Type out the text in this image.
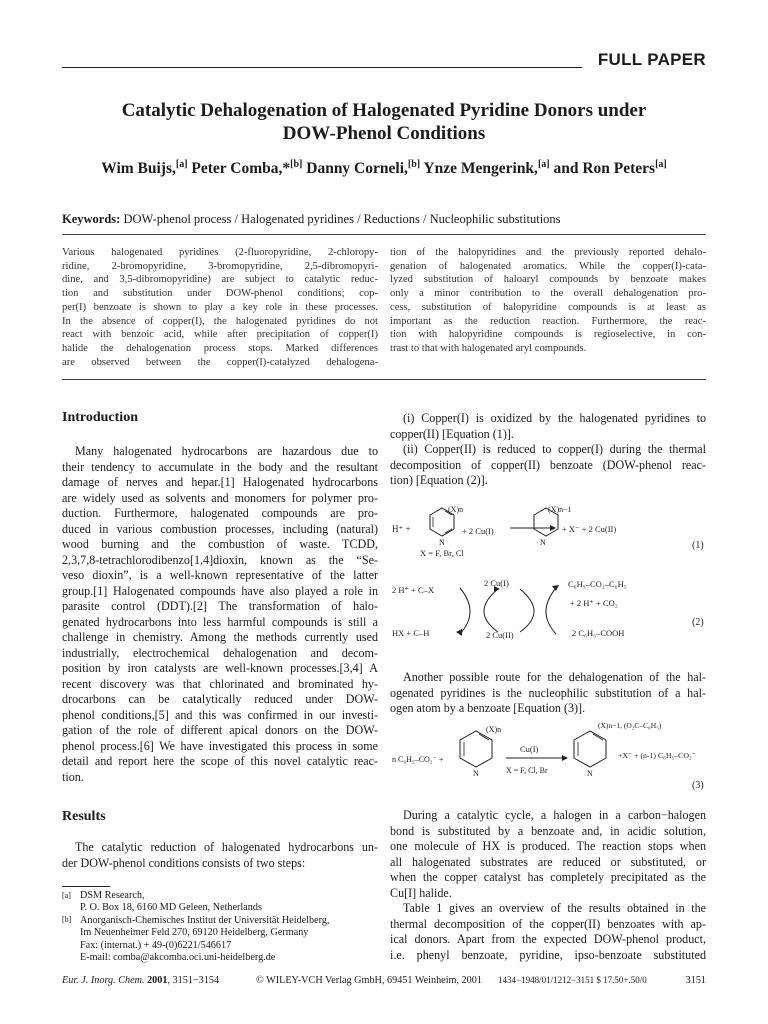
FULL PAPER
Catalytic Dehalogenation of Halogenated Pyridine Donors under
DOW-Phenol Conditions
Wim Buijs,[a] Peter Comba,*[b] Danny Corneli,[b] Ynze Mengerink,[a] and Ron Peters[a]
Keywords: DOW-phenol process / Halogenated pyridines / Reductions / Nucleophilic substitutions
Various halogenated pyridines (2-fluoropyridine, 2-chloropy-
ridine, 2-bromopyridine, 3-bromopyridine, 2,5-dibromopyri-
dine, and 3,5-dibromopyridine) are subject to catalytic reduc-
tion and substitution under DOW-phenol conditions; cop-
per(I) benzoate is shown to play a key role in these processes.
In the absence of copper(I), the halogenated pyridines do not
react with benzoic acid, while after precipitation of copper(I)
halide the dehalogenation process stops. Marked differences
are observed between the copper(I)-catalyzed dehalogena-
tion of the halopyridines and the previously reported dehalo-
genation of halogenated aromatics. While the copper(I)-cata-
lyzed substitution of haloaryl compounds by benzoate makes
only a minor contribution to the overall dehalogenation pro-
cess, substitution of halopyridine compounds is at least as
important as the reduction reaction. Furthermore, the reac-
tion with halopyridine compounds is regioselective, in con-
trast to that with halogenated aryl compounds.
Introduction
Many halogenated hydrocarbons are hazardous due to
their tendency to accumulate in the body and the resultant
damage of nerves and hepar.[1] Halogenated hydrocarbons
are widely used as solvents and monomers for polymer pro-
duction. Furthermore, halogenated compounds are pro-
duced in various combustion processes, including (natural)
wood burning and the combustion of waste. TCDD,
2,3,7,8-tetrachlorodibenzo[1,4]dioxin, known as the “Se-
veso dioxin”, is a well-known representative of the latter
group.[1] Halogenated compounds have also played a role in
parasite control (DDT).[2] The transformation of halo-
genated hydrocarbons into less harmful compounds is still a
challenge in chemistry. Among the methods currently used
industrially, electrochemical dehalogenation and decom-
position by iron catalysts are well-known processes.[3,4] A
recent discovery was that chlorinated and brominated hy-
drocarbons can be catalytically reduced under DOW-
phenol conditions,[5] and this was confirmed in our investi-
gation of the role of different apical donors on the DOW-
phenol process.[6] We have investigated this process in some
detail and report here the scope of this novel catalytic reac-
tion.
Results
The catalytic reduction of halogenated hydrocarbons un-
der DOW-phenol conditions consists of two steps:
[a] DSM Research,
P. O. Box 18, 6160 MD Geleen, Netherlands
[b] Anorganisch-Chemisches Institut der Universität Heidelberg,
Im Neuenheimer Feld 270, 69120 Heidelberg, Germany
Fax: (internat.) + 49-(0)6221/546617
E-mail: comba@akcomba.oci.uni-heidelberg.de
(i) Copper(I) is oxidized by the halogenated pyridines to
copper(II) [Equation (1)].
(ii) Copper(II) is reduced to copper(I) during the thermal
decomposition of copper(II) benzoate (DOW-phenol reac-
tion) [Equation (2)].
H⁺ +
N
(X)n
+ 2 Cu(I)
N
(X)n−1
+ X⁻ + 2 Cu(II)
X = F, Br, Cl
(1)
2 H⁺ + C–X
HX + C–H
2 Cu(I)
2 Cu(II)
C₆H₅–CO₂–C₆H₅
+ 2 H⁺ + CO₂
2 C₆H₅–COOH
(2)
Another possible route for the dehalogenation of the hal-
ogenated pyridines is the nucleophilic substitution of a hal-
ogen atom by a benzoate [Equation (3)].
n C₆H₅–CO₂⁻ +
N
(X)n
Cu(I)
X = F, Cl, Br	N
(X)n−1, (O₂C–C₆H₅)
+X⁻ + (n-1) C₆H₅–CO₂⁻
(3)
During a catalytic cycle, a halogen in a carbon−halogen
bond is substituted by a benzoate and, in acidic solution,
one molecule of HX is produced. The reaction stops when
all halogenated substrates are reduced or substituted, or
when the copper catalyst has completely precipitated as the
Cu[I] halide.
Table 1 gives an overview of the results obtained in the
thermal decomposition of the copper(II) benzoates with ap-
ical donors. Apart from the expected DOW-phenol product,
i.e. phenyl benzoate, pyridine, ipso-benzoate substituted
Eur. J. Inorg. Chem. 2001, 3151−3154	© WILEY-VCH Verlag GmbH, 69451 Weinheim, 2001 1434−1948/01/1212−3151 $ 17.50+.50/0	3151
